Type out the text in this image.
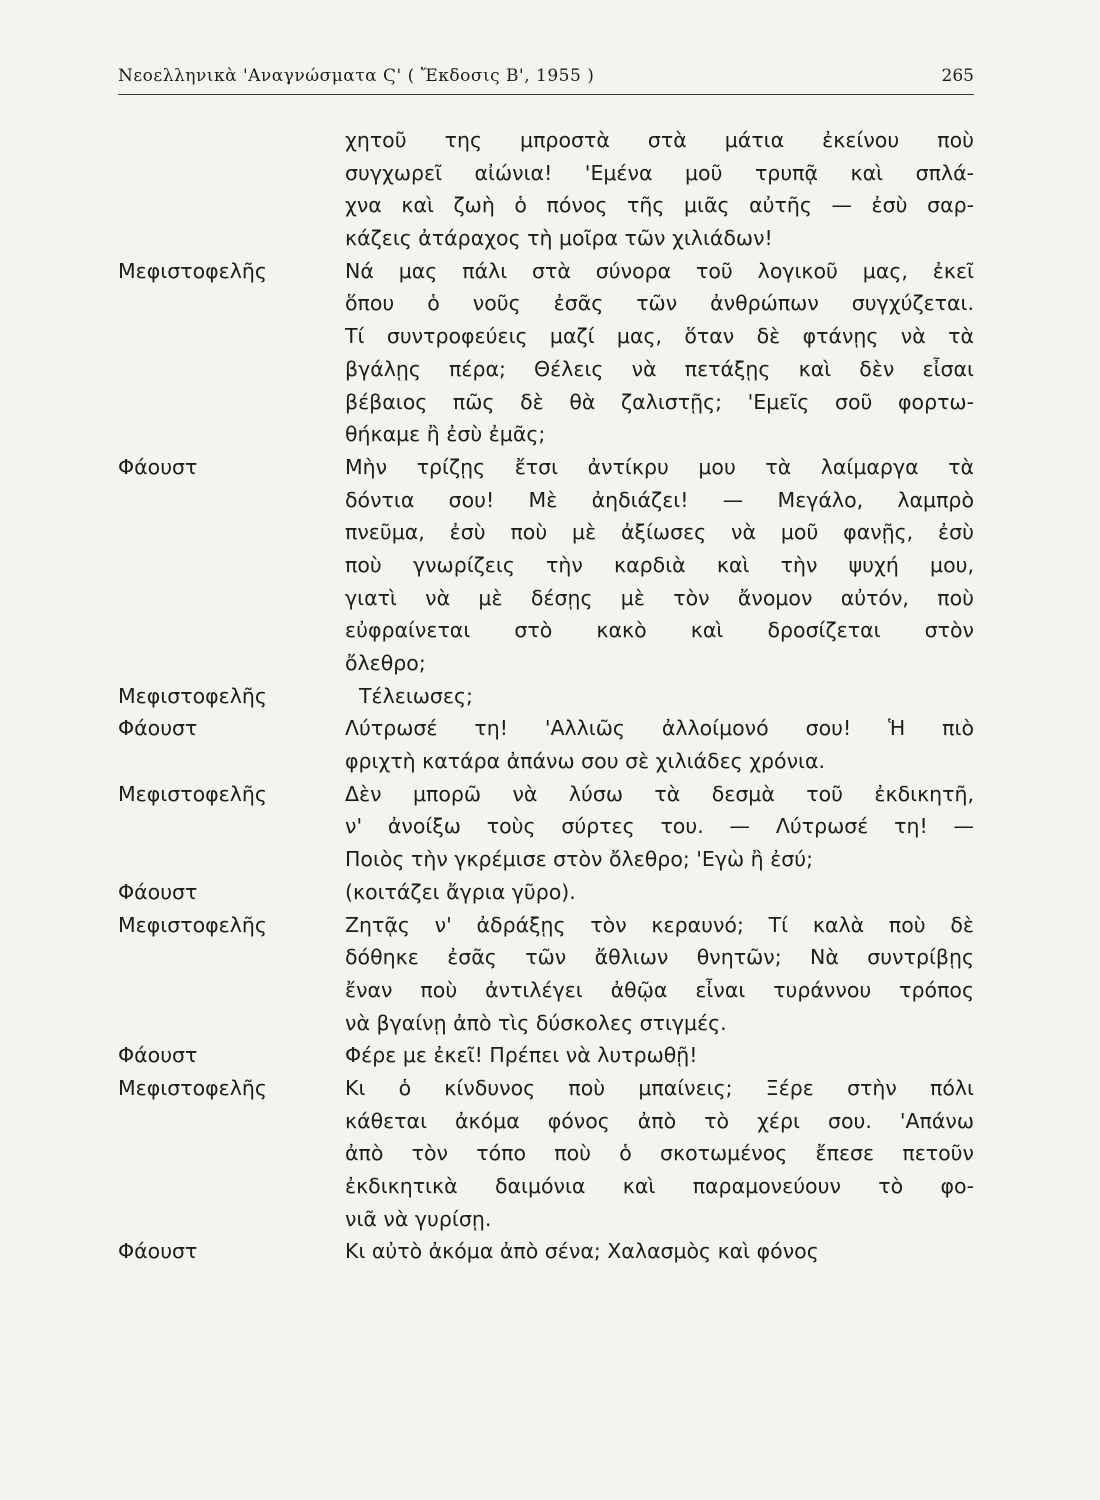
Νεοελληνικὰ 'Αναγνώσματα Ϛ' ( Ἔκδοσις Β', 1955 )	265
χητοῦ της μπροστὰ στὰ μάτια ἐκείνου ποὺ
συγχωρεῖ αἰώνια! 'Εμένα μοῦ τρυπᾷ καὶ σπλά-
χνα καὶ ζωὴ ὁ πόνος τῆς μιᾶς αὐτῆς — ἐσὺ σαρ-
κάζεις ἀτάραχος τὴ μοῖρα τῶν χιλιάδων!
Μεφιστοφελῆς	Νά μας πάλι στὰ σύνορα τοῦ λογικοῦ μας, ἐκεῖ
ὅπου ὁ νοῦς ἐσᾶς τῶν ἀνθρώπων συγχύζεται.
Τί συντροφεύεις μαζί μας, ὅταν δὲ φτάνῃς νὰ τὰ
βγάλῃς πέρα; Θέλεις νὰ πετάξῃς καὶ δὲν εἶσαι
βέβαιος πῶς δὲ θὰ ζαλιστῇς; 'Εμεῖς σοῦ φορτω-
θήκαμε ἢ ἐσὺ ἐμᾶς;
Φάουστ	Μὴν τρίζῃς ἔτσι ἀντίκρυ μου τὰ λαίμαργα τὰ
δόντια σου! Μὲ ἀηδιάζει! — Μεγάλο, λαμπρὸ
πνεῦμα, ἐσὺ ποὺ μὲ ἀξίωσες νὰ μοῦ φανῇς, ἐσὺ
ποὺ γνωρίζεις τὴν καρδιὰ καὶ τὴν ψυχή μου,
γιατὶ νὰ μὲ δέσῃς μὲ τὸν ἄνομον αὐτόν, ποὺ
εὐφραίνεται στὸ κακὸ καὶ δροσίζεται στὸν
ὄλεθρο;
Μεφιστοφελῆς	Τέλειωσες;
Φάουστ	Λύτρωσέ τη! 'Αλλιῶς ἀλλοίμονό σου! Ἡ πιὸ
φριχτὴ κατάρα ἀπάνω σου σὲ χιλιάδες χρόνια.
Μεφιστοφελῆς	Δὲν μπορῶ νὰ λύσω τὰ δεσμὰ τοῦ ἐκδικητῆ,
ν' ἀνοίξω τοὺς σύρτες του. — Λύτρωσέ τη! —
Ποιὸς τὴν γκρέμισε στὸν ὄλεθρο; 'Εγὼ ἢ ἐσύ;
Φάουστ	(κοιτάζει ἄγρια γῦρο).
Μεφιστοφελῆς	Ζητᾷς ν' ἀδράξῃς τὸν κεραυνό; Τί καλὰ ποὺ δὲ
δόθηκε ἐσᾶς τῶν ἄθλιων θνητῶν; Νὰ συντρίβῃς
ἔναν ποὺ ἀντιλέγει ἀθῷα εἶναι τυράννου τρόπος
νὰ βγαίνῃ ἀπὸ τὶς δύσκολες στιγμές.
Φάουστ	Φέρε με ἐκεῖ! Πρέπει νὰ λυτρωθῇ!
Μεφιστοφελῆς	Κι ὁ κίνδυνος ποὺ μπαίνεις; Ξέρε στὴν πόλι
κάθεται ἀκόμα φόνος ἀπὸ τὸ χέρι σου. 'Απάνω
ἀπὸ τὸν τόπο ποὺ ὁ σκοτωμένος ἔπεσε πετοῦν
ἐκδικητικὰ δαιμόνια καὶ παραμονεύουν τὸ φο-
νιᾶ νὰ γυρίσῃ.
Φάουστ	Κι αὐτὸ ἀκόμα ἀπὸ σένα; Χαλασμὸς καὶ φόνος
